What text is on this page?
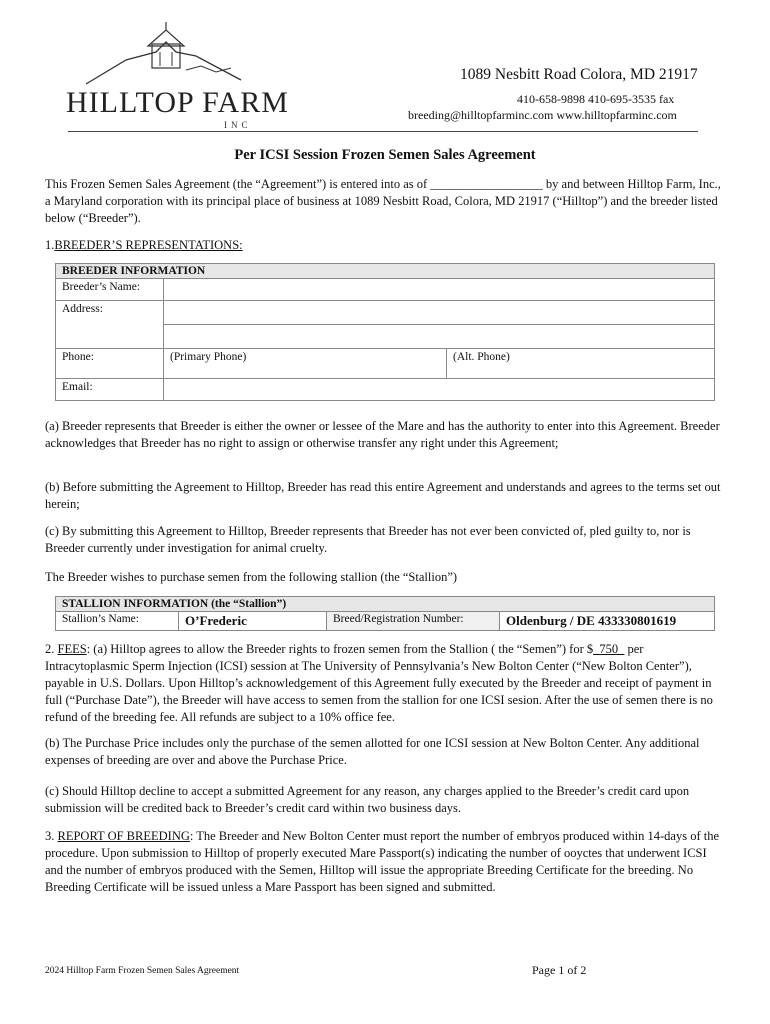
HILLTOP FARM
INC
1089 Nesbitt Road Colora, MD 21917
410-658-9898 410-695-3535 fax
breeding@hilltopfarminc.com www.hilltopfarminc.com
Per ICSI Session Frozen Semen Sales Agreement
This Frozen Semen Sales Agreement (the “Agreement”) is entered into as of __________________ by and between Hilltop Farm, Inc., a Maryland corporation with its principal place of business at 1089 Nesbitt Road, Colora, MD 21917 (“Hilltop”) and the breeder listed below (“Breeder”).
1.BREEDER’S REPRESENTATIONS:
BREEDER INFORMATION		
Breeder’s Name:		
Address:		

Phone:	(Primary Phone)	(Alt. Phone)
Email:		
(a) Breeder represents that Breeder is either the owner or lessee of the Mare and has the authority to enter into this Agreement. Breeder acknowledges that Breeder has no right to assign or otherwise transfer any right under this Agreement;
(b) Before submitting the Agreement to Hilltop, Breeder has read this entire Agreement and understands and agrees to the terms set out herein;
(c) By submitting this Agreement to Hilltop, Breeder represents that Breeder has not ever been convicted of, pled guilty to, nor is Breeder currently under investigation for animal cruelty.
The Breeder wishes to purchase semen from the following stallion (the “Stallion”)
STALLION INFORMATION (the “Stallion”)
Stallion’s Name:	O’Frederic	Breed/Registration Number:	Oldenburg / DE 433330801619
2. FEES: (a) Hilltop agrees to allow the Breeder rights to frozen semen from the Stallion ( the “Semen”) for $_750_ per Intracytoplasmic Sperm Injection (ICSI) session at The University of Pennsylvania’s New Bolton Center (“New Bolton Center”), payable in U.S. Dollars. Upon Hilltop’s acknowledgement of this Agreement fully executed by the Breeder and receipt of payment in full (“Purchase Date”), the Breeder will have access to semen from the stallion for one ICSI sesion. After the use of semen there is no refund of the breeding fee. All refunds are subject to a 10% office fee.
(b) The Purchase Price includes only the purchase of the semen allotted for one ICSI session at New Bolton Center. Any additional expenses of breeding are over and above the Purchase Price.
(c) Should Hilltop decline to accept a submitted Agreement for any reason, any charges applied to the Breeder’s credit card upon submission will be credited back to Breeder’s credit card within two business days.
3. REPORT OF BREEDING: The Breeder and New Bolton Center must report the number of embryos produced within 14-days of the procedure. Upon submission to Hilltop of properly executed Mare Passport(s) indicating the number of ooyctes that underwent ICSI and the number of embryos produced with the Semen, Hilltop will issue the appropriate Breeding Certificate for the breeding. No Breeding Certificate will be issued unless a Mare Passport has been signed and submitted.
2024 Hilltop Farm Frozen Semen Sales Agreement	Page 1 of 2
